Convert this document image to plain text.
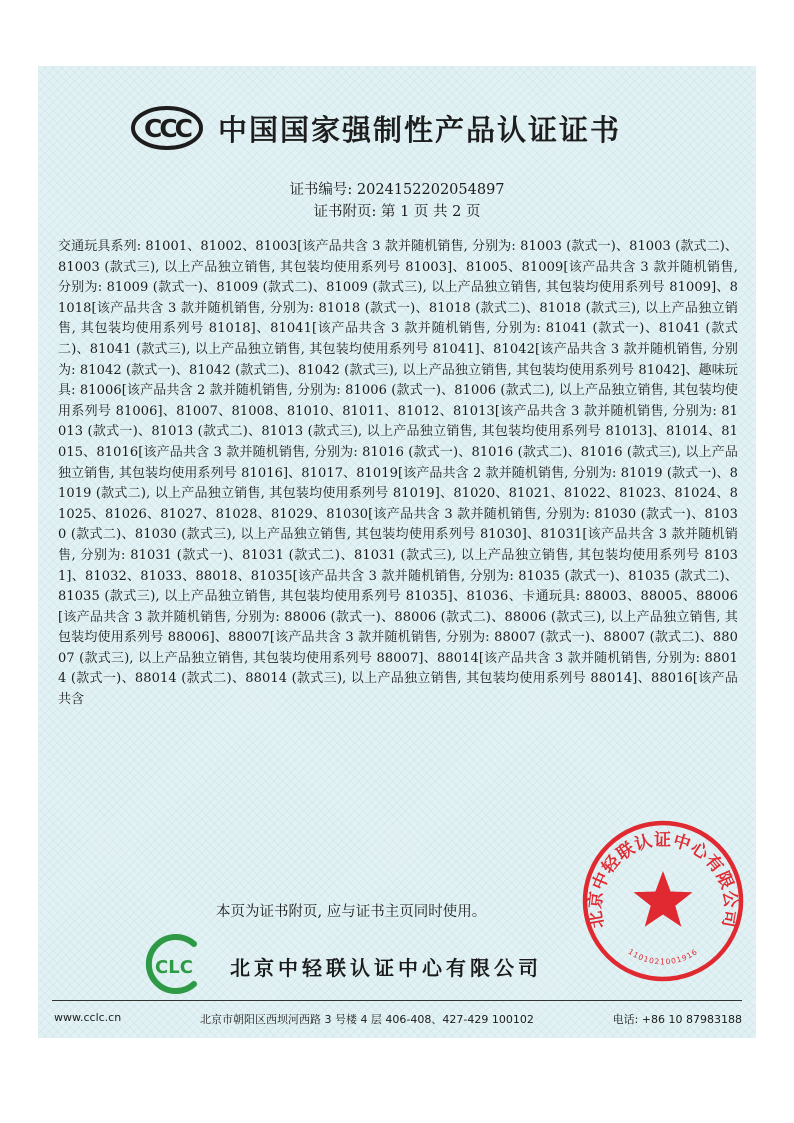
CCC 中国国家强制性产品认证证书
证书编号: 2024152202054897
证书附页: 第 1 页 共 2 页
交通玩具系列: 81001、81002、81003[该产品共含 3 款并随机销售, 分别为: 81003 (款式一)、81003 (款式二)、81003 (款式三), 以上产品独立销售, 其包装均使用系列号 81003]、81005、81009[该产品共含 3 款并随机销售, 分别为: 81009 (款式一)、81009 (款式二)、81009 (款式三), 以上产品独立销售, 其包装均使用系列号 81009]、81018[该产品共含 3 款并随机销售, 分别为: 81018 (款式一)、81018 (款式二)、81018 (款式三), 以上产品独立销售, 其包装均使用系列号 81018]、81041[该产品共含 3 款并随机销售, 分别为: 81041 (款式一)、81041 (款式二)、81041 (款式三), 以上产品独立销售, 其包装均使用系列号 81041]、81042[该产品共含 3 款并随机销售, 分别为: 81042 (款式一)、81042 (款式二)、81042 (款式三), 以上产品独立销售, 其包装均使用系列号 81042]、趣味玩具: 81006[该产品共含 2 款并随机销售, 分别为: 81006 (款式一)、81006 (款式二), 以上产品独立销售, 其包装均使用系列号 81006]、81007、81008、81010、81011、81012、81013[该产品共含 3 款并随机销售, 分别为: 81013 (款式一)、81013 (款式二)、81013 (款式三), 以上产品独立销售, 其包装均使用系列号 81013]、81014、81015、81016[该产品共含 3 款并随机销售, 分别为: 81016 (款式一)、81016 (款式二)、81016 (款式三), 以上产品独立销售, 其包装均使用系列号 81016]、81017、81019[该产品共含 2 款并随机销售, 分别为: 81019 (款式一)、81019 (款式二), 以上产品独立销售, 其包装均使用系列号 81019]、81020、81021、81022、81023、81024、81025、81026、81027、81028、81029、81030[该产品共含 3 款并随机销售, 分别为: 81030 (款式一)、81030 (款式二)、81030 (款式三), 以上产品独立销售, 其包装均使用系列号 81030]、81031[该产品共含 3 款并随机销售, 分别为: 81031 (款式一)、81031 (款式二)、81031 (款式三), 以上产品独立销售, 其包装均使用系列号 81031]、81032、81033、88018、81035[该产品共含 3 款并随机销售, 分别为: 81035 (款式一)、81035 (款式二)、81035 (款式三), 以上产品独立销售, 其包装均使用系列号 81035]、81036、卡通玩具: 88003、88005、88006[该产品共含 3 款并随机销售, 分别为: 88006 (款式一)、88006 (款式二)、88006 (款式三), 以上产品独立销售, 其包装均使用系列号 88006]、88007[该产品共含 3 款并随机销售, 分别为: 88007 (款式一)、88007 (款式二)、88007 (款式三), 以上产品独立销售, 其包装均使用系列号 88007]、88014[该产品共含 3 款并随机销售, 分别为: 88014 (款式一)、88014 (款式二)、88014 (款式三), 以上产品独立销售, 其包装均使用系列号 88014]、88016[该产品共含
本页为证书附页, 应与证书主页同时使用。
CLC 北京中轻联认证中心有限公司
www.cclc.cn	北京市朝阳区西坝河西路 3 号楼 4 层 406-408、427-429 100102	电话: +86 10 87983188
北京中轻联认证中心有限公司
1101021001916
